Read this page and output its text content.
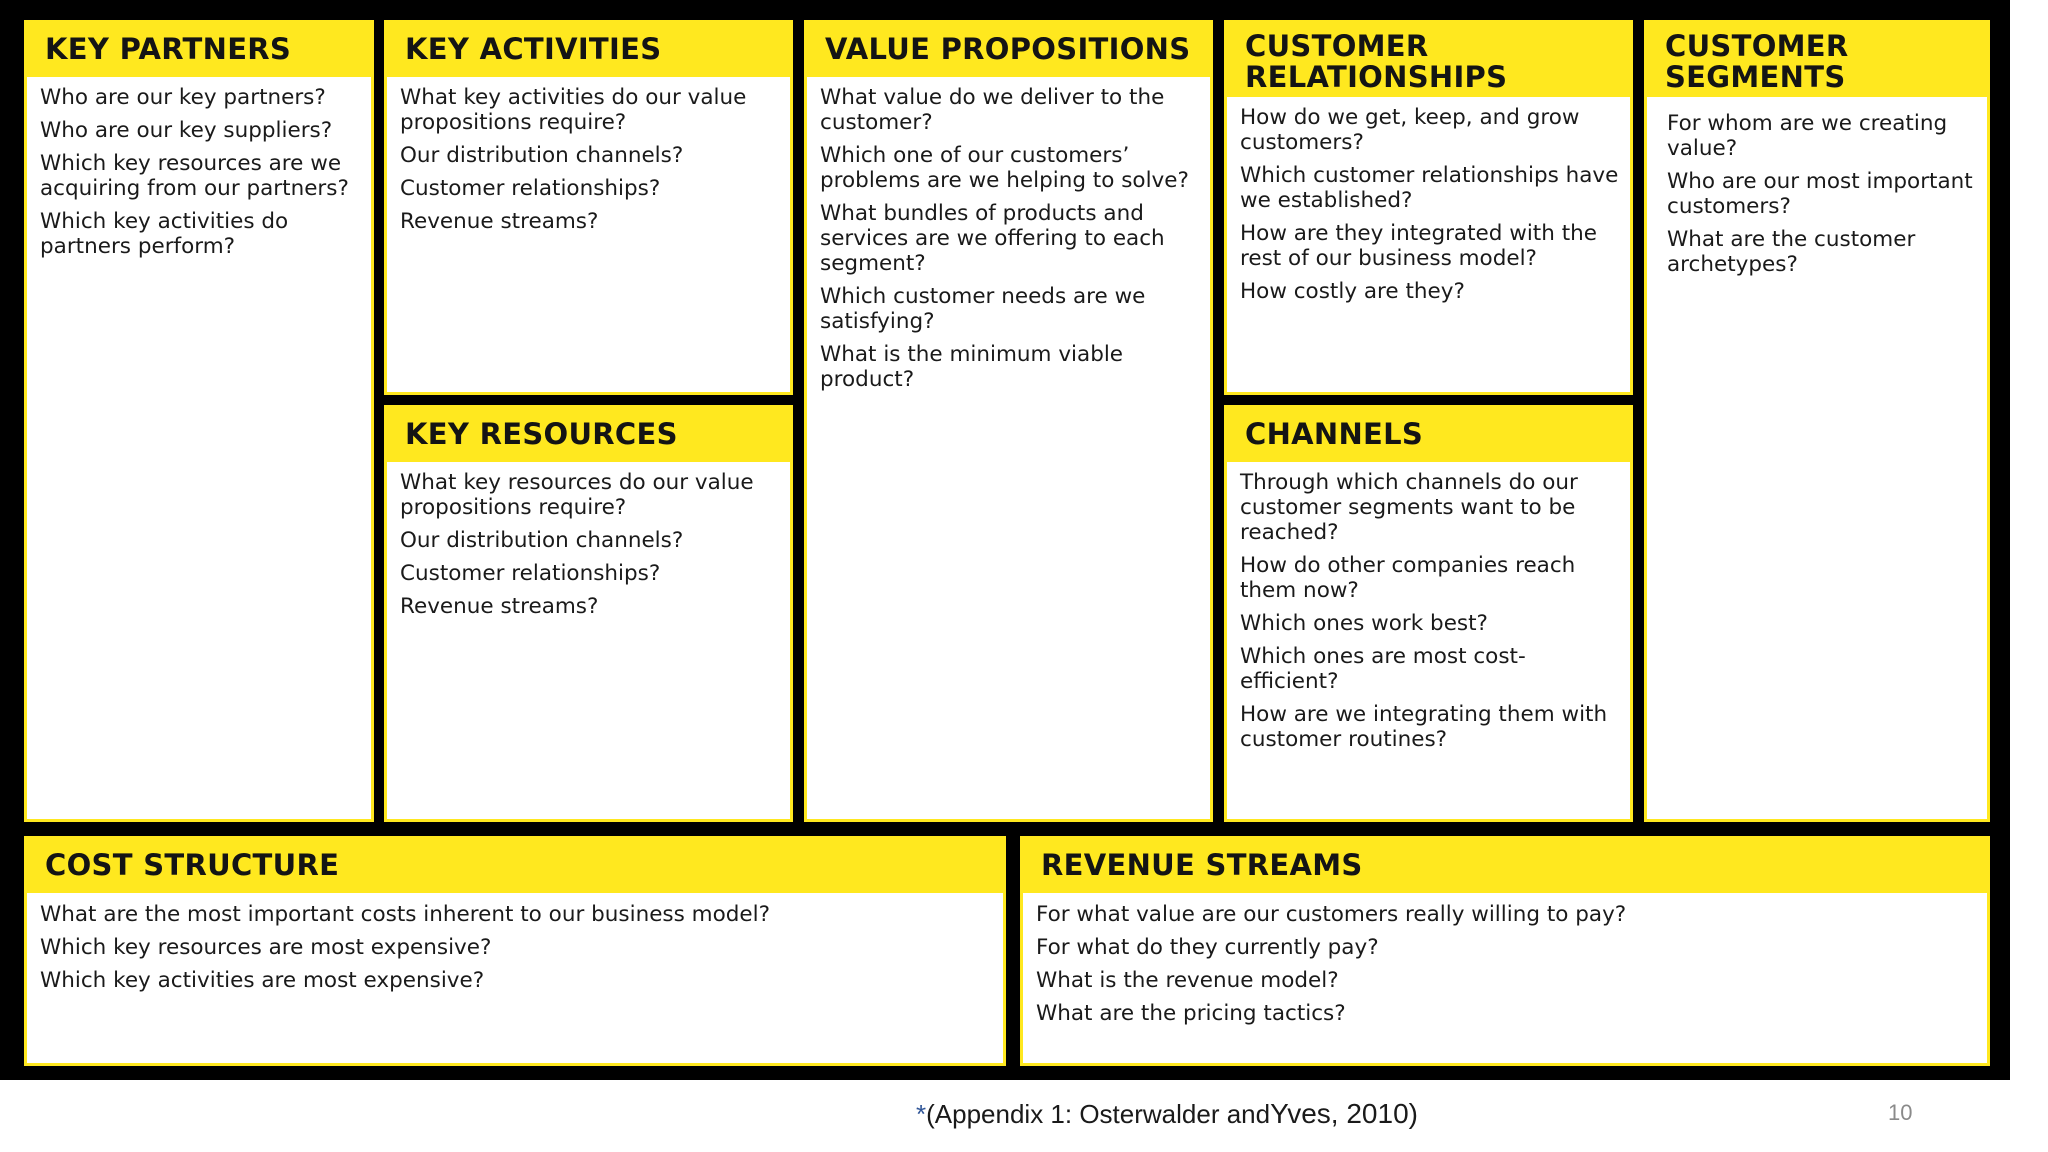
KEY PARTNERS
Who are our key partners?
Who are our key suppliers?
Which key resources are we acquiring from our partners?
Which key activities do partners perform?
KEY ACTIVITIES
What key activities do our value propositions require?
Our distribution channels?
Customer relationships?
Revenue streams?
KEY RESOURCES
What key resources do our value propositions require?
Our distribution channels?
Customer relationships?
Revenue streams?
VALUE PROPOSITIONS
What value do we deliver to the customer?
Which one of our customers’ problems are we helping to solve?
What bundles of products and services are we offering to each segment?
Which customer needs are we satisfying?
What is the minimum viable product?
CUSTOMER
RELATIONSHIPS
How do we get, keep, and grow customers?
Which customer relationships have we established?
How are they integrated with the rest of our business model?
How costly are they?
CHANNELS
Through which channels do our customer segments want to be reached?
How do other companies reach them now?
Which ones work best?
Which ones are most cost-efficient?
How are we integrating them with customer routines?
CUSTOMER
SEGMENTS
For whom are we creating value?
Who are our most important customers?
What are the customer archetypes?
COST STRUCTURE
What are the most important costs inherent to our business model?
Which key resources are most expensive?
Which key activities are most expensive?
REVENUE STREAMS
For what value are our customers really willing to pay?
For what do they currently pay?
What is the revenue model?
What are the pricing tactics?
*(Appendix 1: Osterwalder andYves, 2010)	10
